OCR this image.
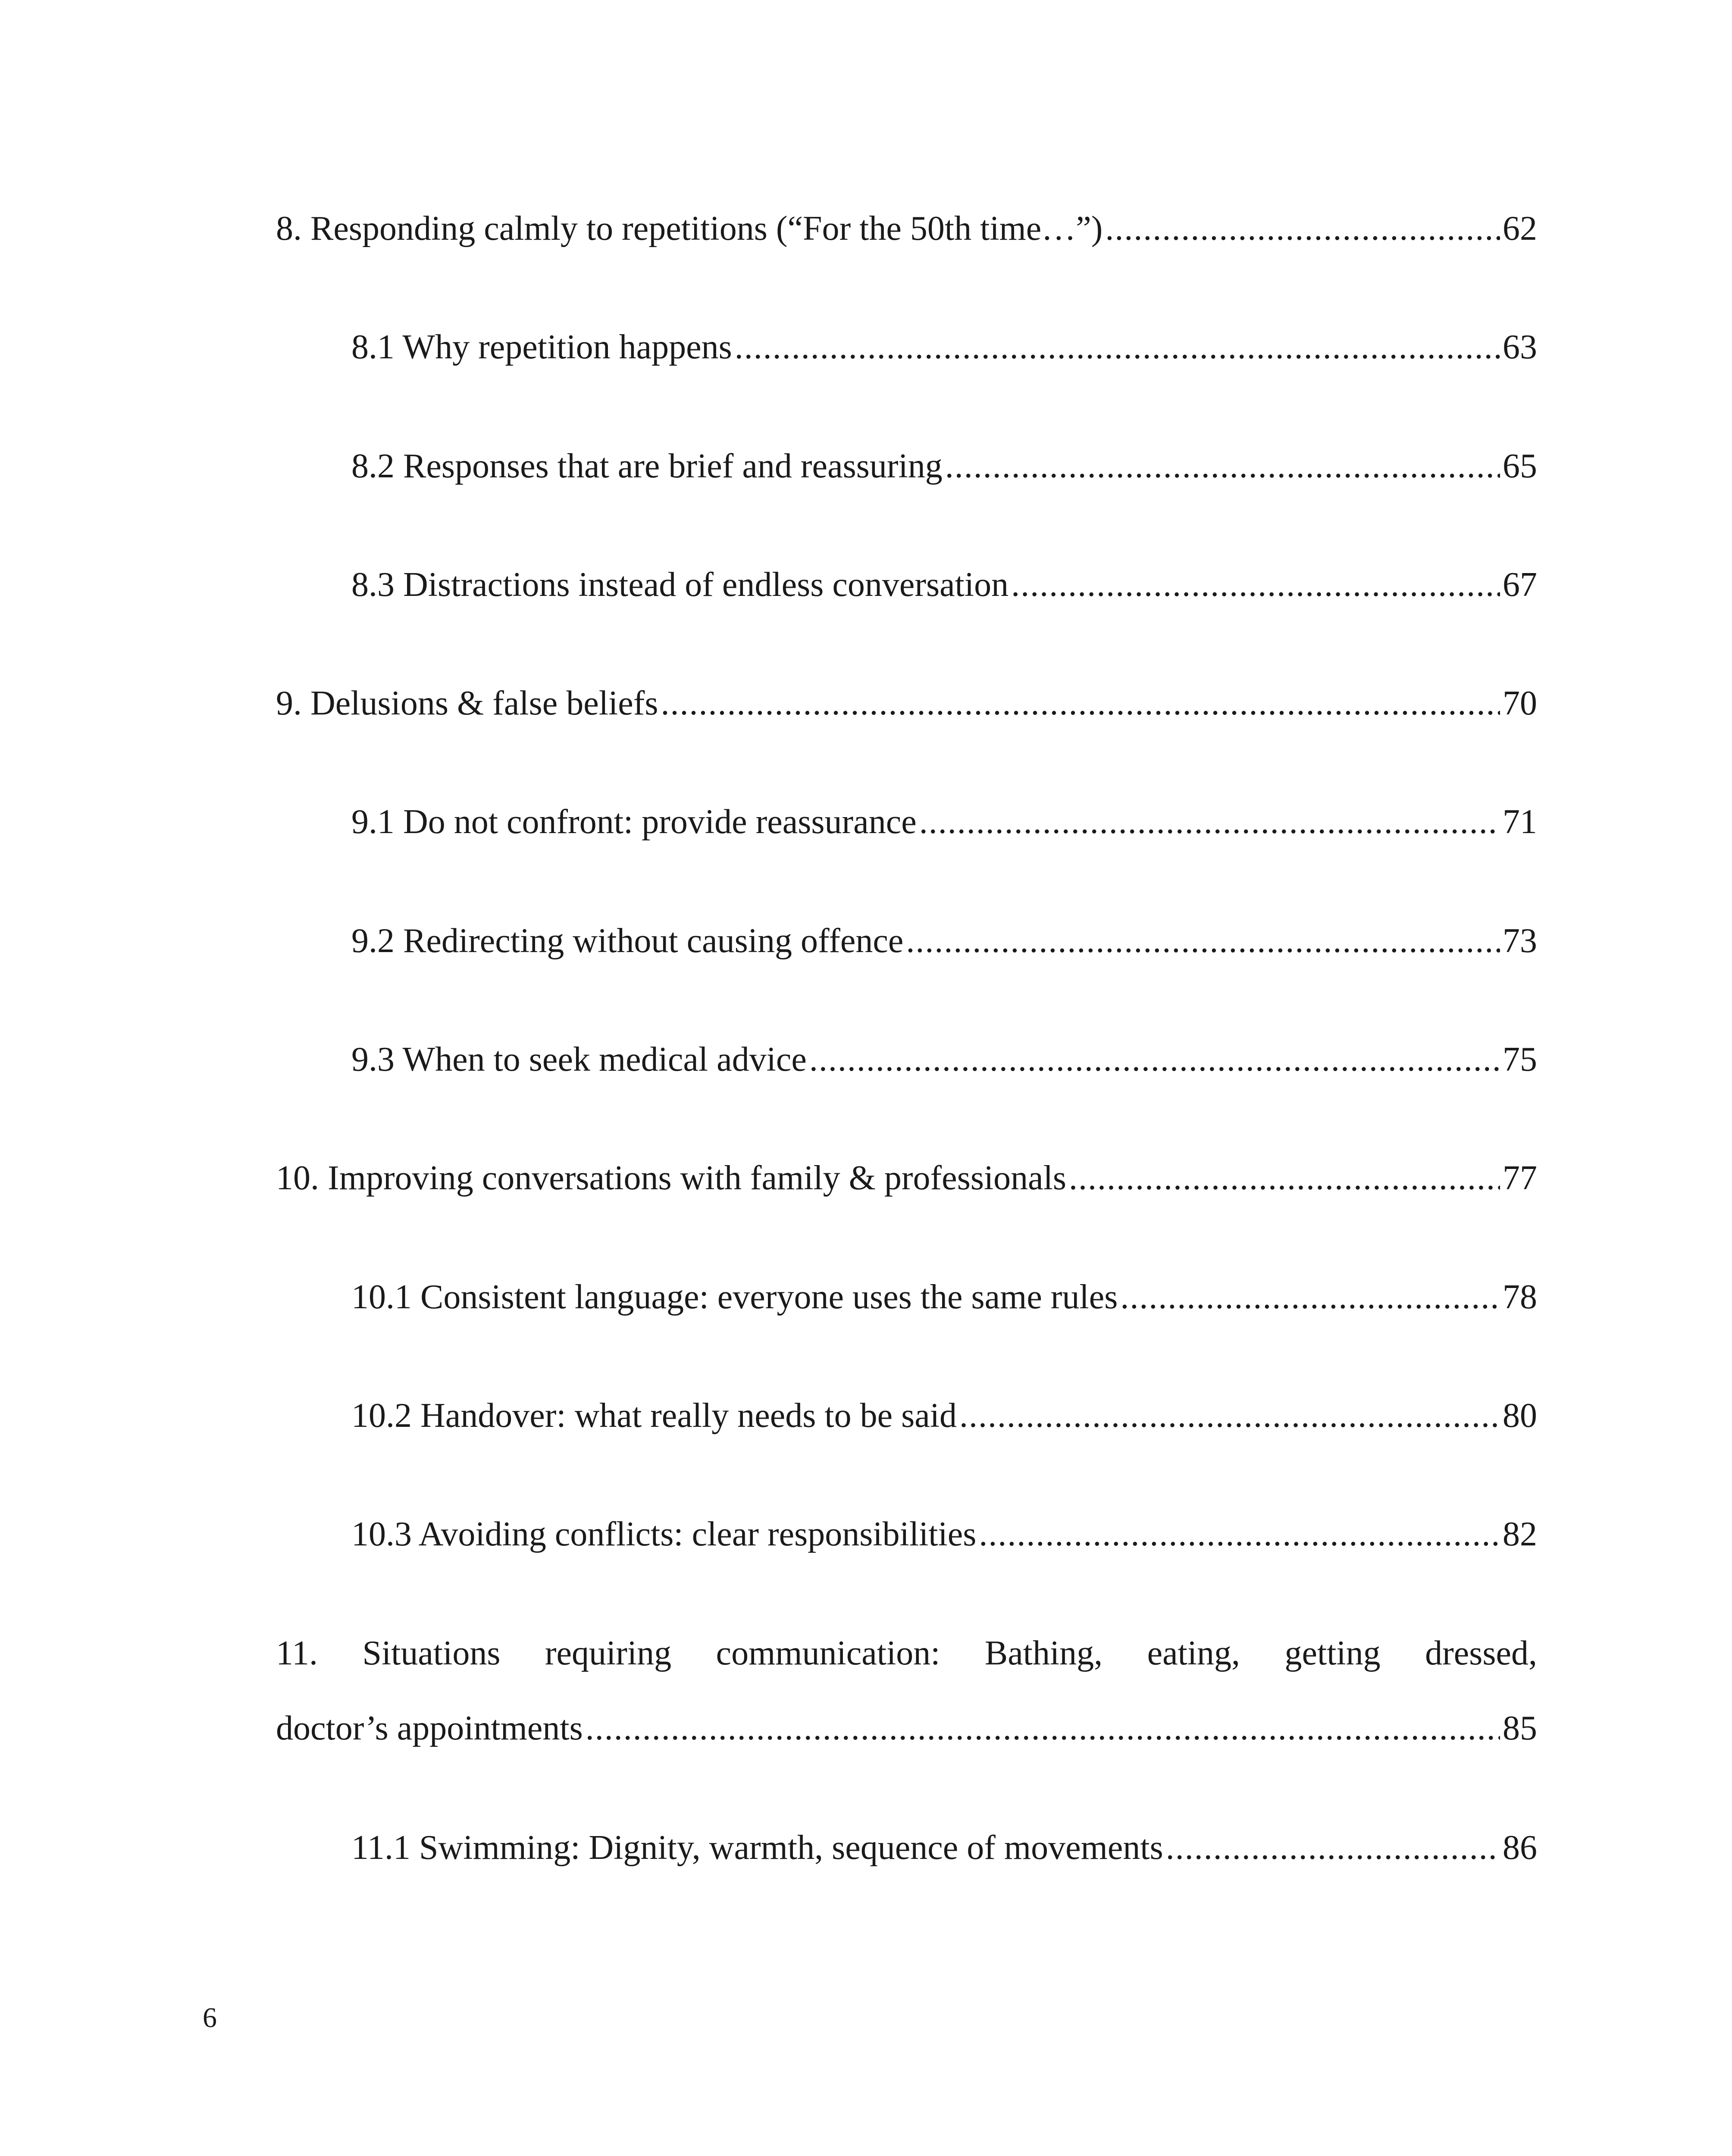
8. Responding calmly to repetitions (“For the 50th time…”) .....	62
8.1 Why repetition happens .....	63
8.2 Responses that are brief and reassuring .....	65
8.3 Distractions instead of endless conversation .....	67
9. Delusions & false beliefs .....	70
9.1 Do not confront: provide reassurance .....	71
9.2 Redirecting without causing offence .....	73
9.3 When to seek medical advice .....	75
10. Improving conversations with family & professionals .....	77
10.1 Consistent language: everyone uses the same rules .....	78
10.2 Handover: what really needs to be said .....	80
10.3 Avoiding conflicts: clear responsibilities .....	82
11. Situations requiring communication: Bathing, eating, getting dressed,
doctor’s appointments .....	85
11.1 Swimming: Dignity, warmth, sequence of movements .....	86
6
